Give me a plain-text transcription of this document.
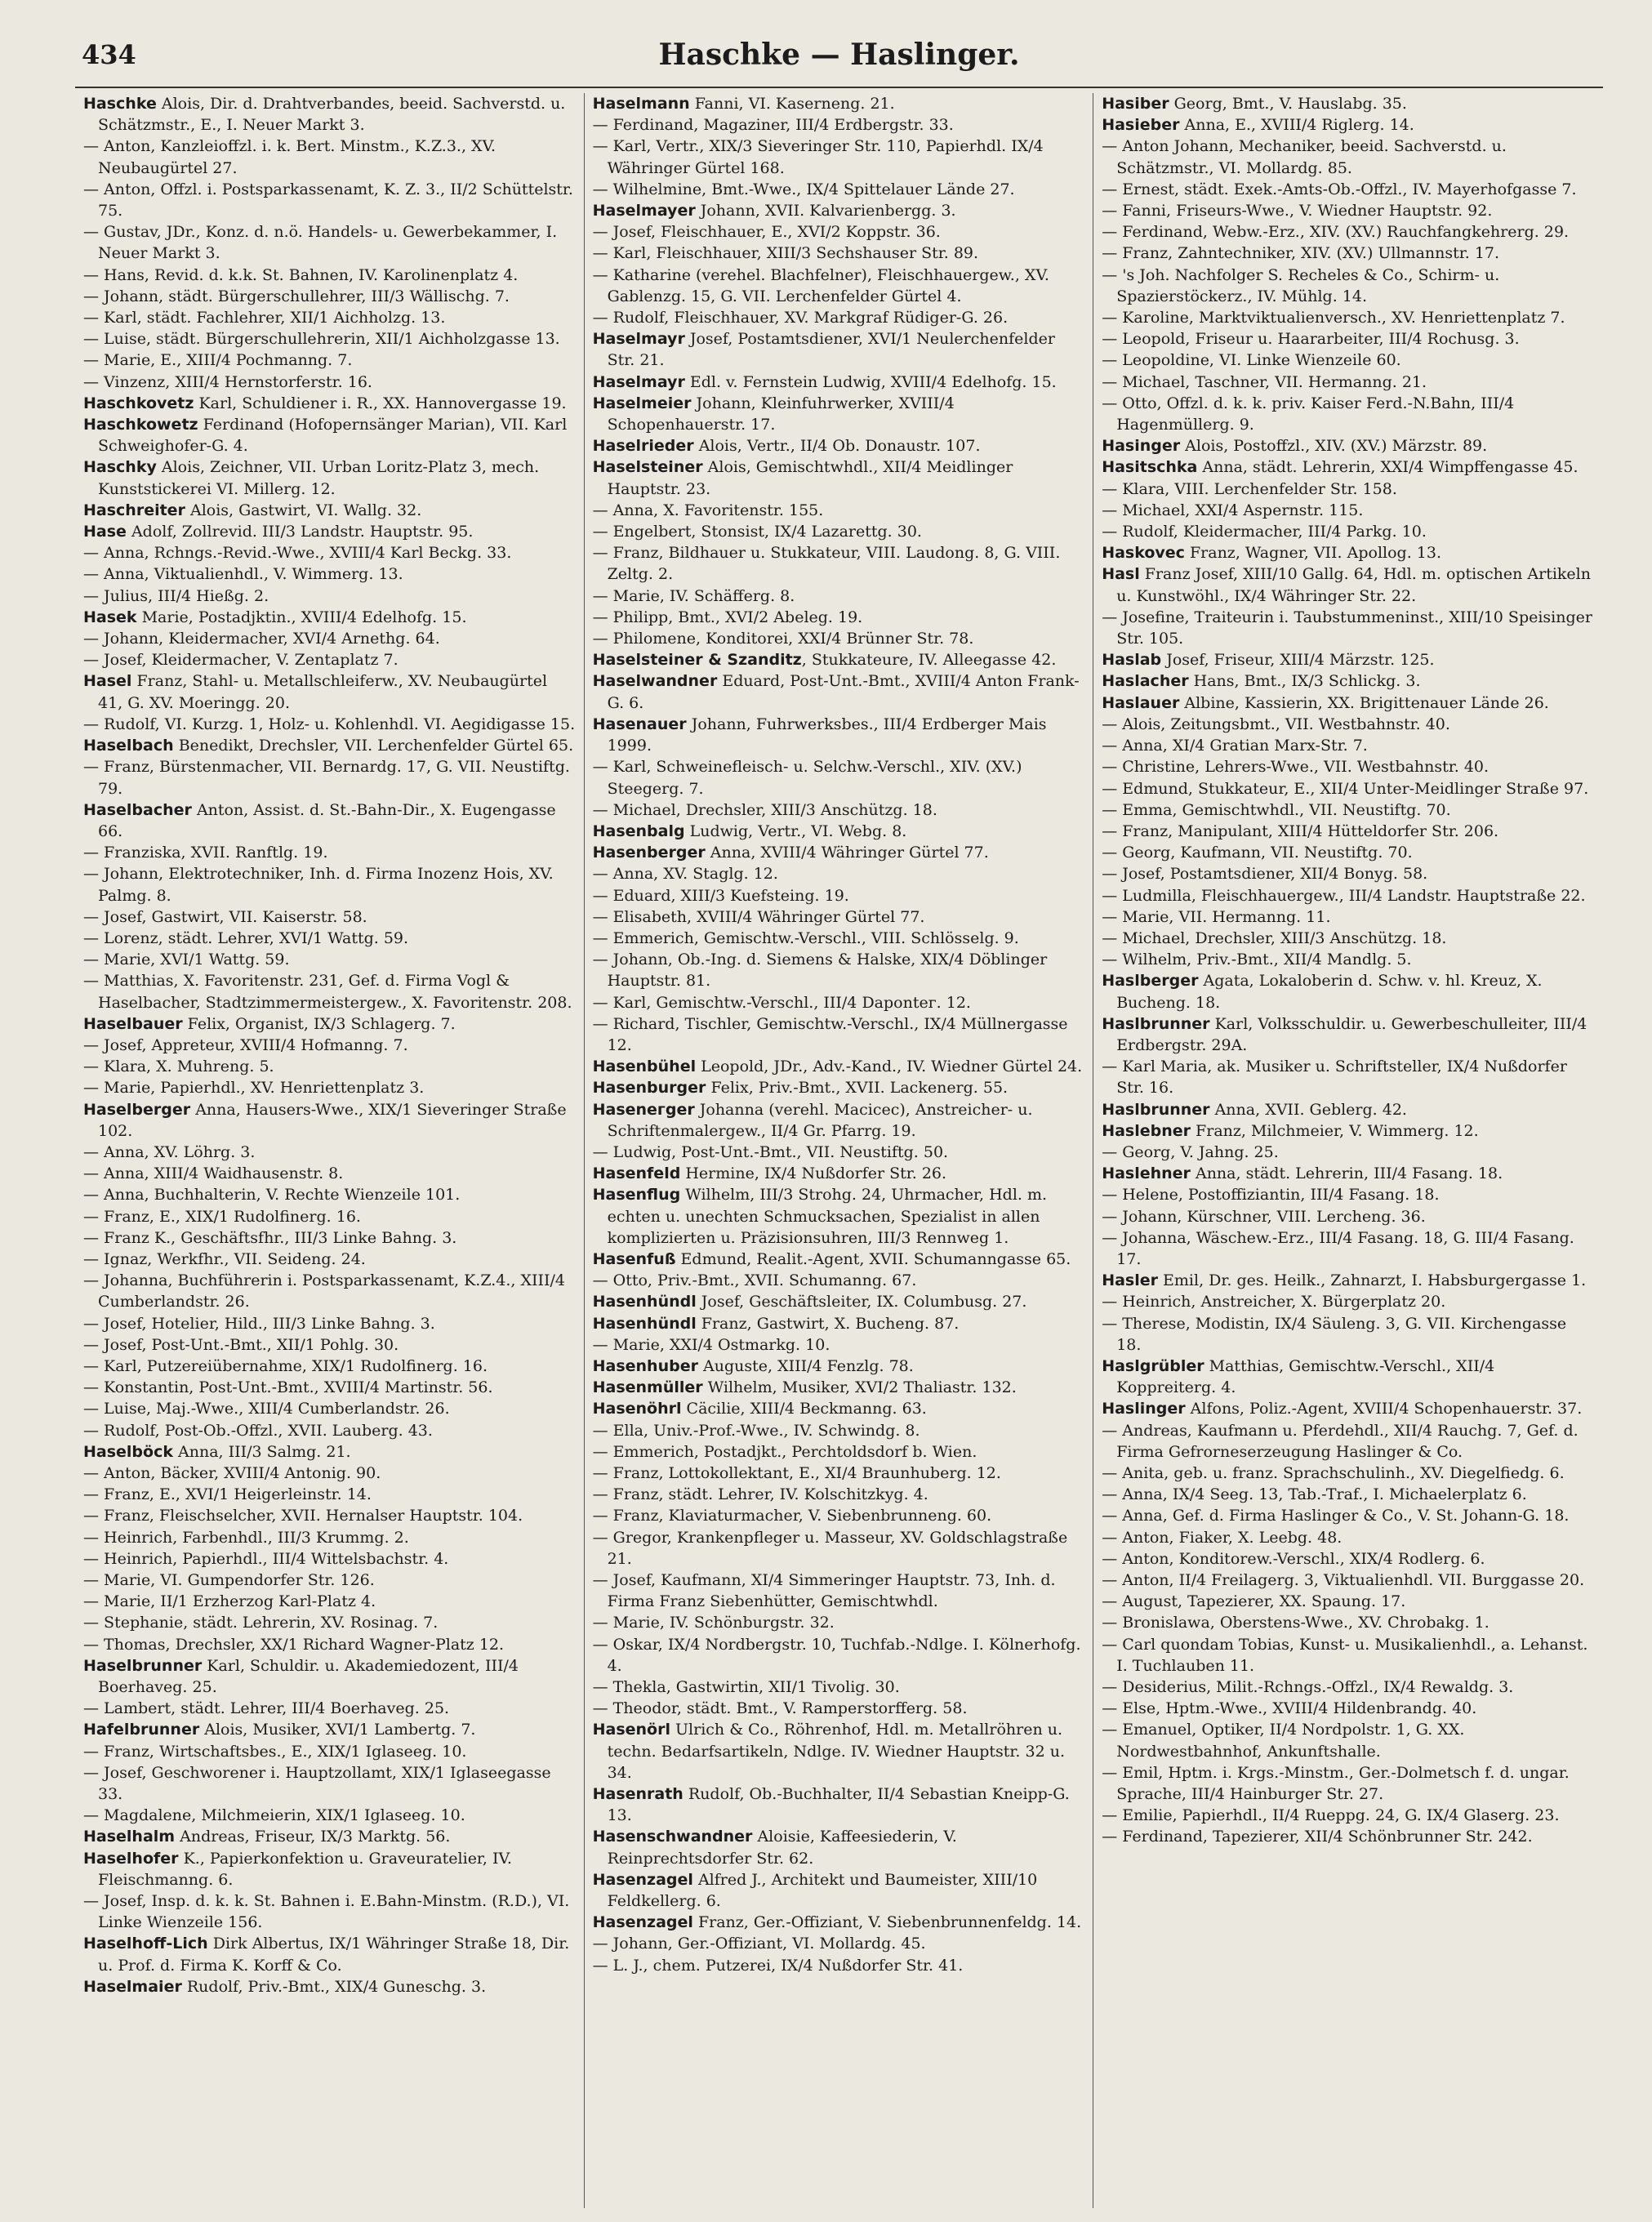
434	Haschke — Haslinger.

Haschke Alois, Dir. d. Drahtverbandes, beeid. Sachverstd. u. Schätzmstr., E., I. Neuer Markt 3.

— Anton, Kanzleioffzl. i. k. Bert. Minstm., K.Z.3., XV. Neubaugürtel 27.

— Anton, Offzl. i. Postsparkassenamt, K. Z. 3., II/2 Schüttelstr. 75.

— Gustav, JDr., Konz. d. n.ö. Handels- u. Gewerbekammer, I. Neuer Markt 3.

— Hans, Revid. d. k.k. St. Bahnen, IV. Karolinenplatz 4.

— Johann, städt. Bürgerschullehrer, III/3 Wällischg. 7.

— Karl, städt. Fachlehrer, XII/1 Aichholzg. 13.

— Luise, städt. Bürgerschullehrerin, XII/1 Aichholzgasse 13.

— Marie, E., XIII/4 Pochmanng. 7.

— Vinzenz, XIII/4 Hernstorferstr. 16.

Haschkovetz Karl, Schuldiener i. R., XX. Hannovergasse 19.

Haschkowetz Ferdinand (Hofopernsänger Marian), VII. Karl Schweighofer-G. 4.

Haschky Alois, Zeichner, VII. Urban Loritz-Platz 3, mech. Kunststickerei VI. Millerg. 12.

Haschreiter Alois, Gastwirt, VI. Wallg. 32.

Hase Adolf, Zollrevid. III/3 Landstr. Hauptstr. 95.

— Anna, Rchngs.-Revid.-Wwe., XVIII/4 Karl Beckg. 33.

— Anna, Viktualienhdl., V. Wimmerg. 13.

— Julius, III/4 Hießg. 2.

Hasek Marie, Postadjktin., XVIII/4 Edelhofg. 15.

— Johann, Kleidermacher, XVI/4 Arnethg. 64.

— Josef, Kleidermacher, V. Zentaplatz 7.

Hasel Franz, Stahl- u. Metallschleiferw., XV. Neubaugürtel 41, G. XV. Moeringg. 20.

— Rudolf, VI. Kurzg. 1, Holz- u. Kohlenhdl. VI. Aegidigasse 15.

Haselbach Benedikt, Drechsler, VII. Lerchenfelder Gürtel 65.

— Franz, Bürstenmacher, VII. Bernardg. 17, G. VII. Neustiftg. 79.

Haselbacher Anton, Assist. d. St.-Bahn-Dir., X. Eugengasse 66.

— Franziska, XVII. Ranftlg. 19.

— Johann, Elektrotechniker, Inh. d. Firma Inozenz Hois, XV. Palmg. 8.

— Josef, Gastwirt, VII. Kaiserstr. 58.

— Lorenz, städt. Lehrer, XVI/1 Wattg. 59.

— Marie, XVI/1 Wattg. 59.

— Matthias, X. Favoritenstr. 231, Gef. d. Firma Vogl & Haselbacher, Stadtzimmermeistergew., X. Favoritenstr. 208.

Haselbauer Felix, Organist, IX/3 Schlagerg. 7.

— Josef, Appreteur, XVIII/4 Hofmanng. 7.

— Klara, X. Muhreng. 5.

— Marie, Papierhdl., XV. Henriettenplatz 3.

Haselberger Anna, Hausers-Wwe., XIX/1 Sieveringer Straße 102.

— Anna, XV. Löhrg. 3.

— Anna, XIII/4 Waidhausenstr. 8.

— Anna, Buchhalterin, V. Rechte Wienzeile 101.

— Franz, E., XIX/1 Rudolfinerg. 16.

— Franz K., Geschäftsfhr., III/3 Linke Bahng. 3.

— Ignaz, Werkfhr., VII. Seideng. 24.

— Johanna, Buchführerin i. Postsparkassenamt, K.Z.4., XIII/4 Cumberlandstr. 26.

— Josef, Hotelier, Hild., III/3 Linke Bahng. 3.

— Josef, Post-Unt.-Bmt., XII/1 Pohlg. 30.

— Karl, Putzereiübernahme, XIX/1 Rudolfinerg. 16.

— Konstantin, Post-Unt.-Bmt., XVIII/4 Martinstr. 56.

— Luise, Maj.-Wwe., XIII/4 Cumberlandstr. 26.

— Rudolf, Post-Ob.-Offzl., XVII. Lauberg. 43.

Haselböck Anna, III/3 Salmg. 21.

— Anton, Bäcker, XVIII/4 Antonig. 90.

— Franz, E., XVI/1 Heigerleinstr. 14.

— Franz, Fleischselcher, XVII. Hernalser Hauptstr. 104.

— Heinrich, Farbenhdl., III/3 Krummg. 2.

— Heinrich, Papierhdl., III/4 Wittelsbachstr. 4.

— Marie, VI. Gumpendorfer Str. 126.

— Marie, II/1 Erzherzog Karl-Platz 4.

— Stephanie, städt. Lehrerin, XV. Rosinag. 7.

— Thomas, Drechsler, XX/1 Richard Wagner-Platz 12.

Haselbrunner Karl, Schuldir. u. Akademiedozent, III/4 Boerhaveg. 25.

— Lambert, städt. Lehrer, III/4 Boerhaveg. 25.

Hafelbrunner Alois, Musiker, XVI/1 Lambertg. 7.

— Franz, Wirtschaftsbes., E., XIX/1 Iglaseeg. 10.

— Josef, Geschworener i. Hauptzollamt, XIX/1 Iglaseegasse 33.

— Magdalene, Milchmeierin, XIX/1 Iglaseeg. 10.

Haselhalm Andreas, Friseur, IX/3 Marktg. 56.

Haselhofer K., Papierkonfektion u. Graveuratelier, IV. Fleischmanng. 6.

— Josef, Insp. d. k. k. St. Bahnen i. E.Bahn-Minstm. (R.D.), VI. Linke Wienzeile 156.

Haselhoff-Lich Dirk Albertus, IX/1 Währinger Straße 18, Dir. u. Prof. d. Firma K. Korff & Co.

Haselmaier Rudolf, Priv.-Bmt., XIX/4 Guneschg. 3.

Haselmann Fanni, VI. Kaserneng. 21.

— Ferdinand, Magaziner, III/4 Erdbergstr. 33.

— Karl, Vertr., XIX/3 Sieveringer Str. 110, Papierhdl. IX/4 Währinger Gürtel 168.

— Wilhelmine, Bmt.-Wwe., IX/4 Spittelauer Lände 27.

Haselmayer Johann, XVII. Kalvarienbergg. 3.

— Josef, Fleischhauer, E., XVI/2 Koppstr. 36.

— Karl, Fleischhauer, XIII/3 Sechshauser Str. 89.

— Katharine (verehel. Blachfelner), Fleischhauergew., XV. Gablenzg. 15, G. VII. Lerchenfelder Gürtel 4.

— Rudolf, Fleischhauer, XV. Markgraf Rüdiger-G. 26.

Haselmayr Josef, Postamtsdiener, XVI/1 Neulerchenfelder Str. 21.

Haselmayr Edl. v. Fernstein Ludwig, XVIII/4 Edelhofg. 15.

Haselmeier Johann, Kleinfuhrwerker, XVIII/4 Schopenhauerstr. 17.

Haselrieder Alois, Vertr., II/4 Ob. Donaustr. 107.

Haselsteiner Alois, Gemischtwhdl., XII/4 Meidlinger Hauptstr. 23.

— Anna, X. Favoritenstr. 155.

— Engelbert, Stonsist, IX/4 Lazarettg. 30.

— Franz, Bildhauer u. Stukkateur, VIII. Laudong. 8, G. VIII. Zeltg. 2.

— Marie, IV. Schäfferg. 8.

— Philipp, Bmt., XVI/2 Abeleg. 19.

— Philomene, Konditorei, XXI/4 Brünner Str. 78.

Haselsteiner & Szanditz, Stukkateure, IV. Alleegasse 42.

Haselwandner Eduard, Post-Unt.-Bmt., XVIII/4 Anton Frank-G. 6.

Hasenauer Johann, Fuhrwerksbes., III/4 Erdberger Mais 1999.

— Karl, Schweinefleisch- u. Selchw.-Verschl., XIV. (XV.) Steegerg. 7.

— Michael, Drechsler, XIII/3 Anschützg. 18.

Hasenbalg Ludwig, Vertr., VI. Webg. 8.

Hasenberger Anna, XVIII/4 Währinger Gürtel 77.

— Anna, XV. Staglg. 12.

— Eduard, XIII/3 Kuefsteing. 19.

— Elisabeth, XVIII/4 Währinger Gürtel 77.

— Emmerich, Gemischtw.-Verschl., VIII. Schlösselg. 9.

— Johann, Ob.-Ing. d. Siemens & Halske, XIX/4 Döblinger Hauptstr. 81.

— Karl, Gemischtw.-Verschl., III/4 Dapontег. 12.

— Richard, Tischler, Gemischtw.-Verschl., IX/4 Müllnergasse 12.

Hasenbühel Leopold, JDr., Adv.-Kand., IV. Wiedner Gürtel 24.

Hasenburger Felix, Priv.-Bmt., XVII. Lackenerg. 55.

Haseneгger Johanna (verehl. Macicec), Anstreicher- u. Schriftenmalergew., II/4 Gr. Pfarrg. 19.

— Ludwig, Post-Unt.-Bmt., VII. Neustiftg. 50.

Hasenfeld Hermine, IX/4 Nußdorfer Str. 26.

Hasenflug Wilhelm, III/3 Strohg. 24, Uhrmacher, Hdl. m. echten u. unechten Schmucksachen, Spezialist in allen komplizierten u. Präzisionsuhren, III/3 Rennweg 1.

Hasenfuß Edmund, Realit.-Agent, XVII. Schumanngasse 65.

— Otto, Priv.-Bmt., XVII. Schumanng. 67.

Hasenhündl Josef, Geschäftsleiter, IX. Columbusg. 27.

Hasenhündl Franz, Gastwirt, X. Bucheng. 87.

— Marie, XXI/4 Ostmarkg. 10.

Hasenhuber Auguste, XIII/4 Fenzlg. 78.

Hasenmüller Wilhelm, Musiker, XVI/2 Thaliastr. 132.

Hasenöhrl Cäcilie, XIII/4 Beckmanng. 63.

— Ella, Univ.-Prof.-Wwe., IV. Schwindg. 8.

— Emmerich, Postadjkt., Perchtoldsdorf b. Wien.

— Franz, Lottokollektant, E., XI/4 Braunhuberg. 12.

— Franz, städt. Lehrer, IV. Kolschitzkyg. 4.

— Franz, Klaviaturmacher, V. Siebenbrunneng. 60.

— Gregor, Krankenpfleger u. Masseur, XV. Goldschlagstraße 21.

— Josef, Kaufmann, XI/4 Simmeringer Hauptstr. 73, Inh. d. Firma Franz Siebenhütter, Gemischtwhdl.

— Marie, IV. Schönburgstr. 32.

— Oskar, IX/4 Nordbergstr. 10, Tuchfab.-Ndlge. I. Kölnerhofg. 4.

— Thekla, Gastwirtin, XII/1 Tivolig. 30.

— Theodor, städt. Bmt., V. Ramperstorfferg. 58.

Hasenörl Ulrich & Co., Röhrenhof, Hdl. m. Metallröhren u. techn. Bedarfsartikeln, Ndlge. IV. Wiedner Hauptstr. 32 u. 34.

Hasenrath Rudolf, Ob.-Buchhalter, II/4 Sebastian Kneipp-G. 13.

Hasenschwandner Aloisie, Kaffeesiederin, V. Reinprechtsdorfer Str. 62.

Hasenzagel Alfred J., Architekt und Baumeister, XIII/10 Feldkellerg. 6.

Hasenzagel Franz, Ger.-Offiziant, V. Siebenbrunnenfeldg. 14.

— Johann, Ger.-Offiziant, VI. Mollardg. 45.

— L. J., chem. Putzerei, IX/4 Nußdorfer Str. 41.

Hasiber Georg, Bmt., V. Hauslabg. 35.

Hasieber Anna, E., XVIII/4 Riglerg. 14.

— Anton Johann, Mechaniker, beeid. Sachverstd. u. Schätzmstr., VI. Mollardg. 85.

— Ernest, städt. Exek.-Amts-Ob.-Offzl., IV. Mayerhofgasse 7.

— Fanni, Friseurs-Wwe., V. Wiedner Hauptstr. 92.

— Ferdinand, Webw.-Erz., XIV. (XV.) Rauchfangkehrerg. 29.

— Franz, Zahntechniker, XIV. (XV.) Ullmannstr. 17.

— 's Joh. Nachfolger S. Recheles & Co., Schirm- u. Spazierstöckerz., IV. Mühlg. 14.

— Karoline, Marktviktualienversch., XV. Henriettenplatz 7.

— Leopold, Friseur u. Haararbeiter, III/4 Rochusg. 3.

— Leopoldine, VI. Linke Wienzeile 60.

— Michael, Taschner, VII. Hermanng. 21.

— Otto, Offzl. d. k. k. priv. Kaiser Ferd.-N.Bahn, III/4 Hagenmüllerg. 9.

Hasinger Alois, Postoffzl., XIV. (XV.) Märzstr. 89.

Hasitschka Anna, städt. Lehrerin, XXI/4 Wimpffengasse 45.

— Klara, VIII. Lerchenfelder Str. 158.

— Michael, XXI/4 Aspernstr. 115.

— Rudolf, Kleidermacher, III/4 Parkg. 10.

Haskovec Franz, Wagner, VII. Apollog. 13.

Hasl Franz Josef, XIII/10 Gallg. 64, Hdl. m. optischen Artikeln u. Kunstwöhl., IX/4 Währinger Str. 22.

— Josefine, Traiteurin i. Taubstummeninst., XIII/10 Speisinger Str. 105.

Haslab Josef, Friseur, XIII/4 Märzstr. 125.

Haslacher Hans, Bmt., IX/3 Schlickg. 3.

Haslauer Albine, Kassierin, XX. Brigittenauer Lände 26.

— Alois, Zeitungsbmt., VII. Westbahnstr. 40.

— Anna, XI/4 Gratian Marx-Str. 7.

— Christine, Lehrers-Wwe., VII. Westbahnstr. 40.

— Edmund, Stukkateur, E., XII/4 Unter-Meidlinger Straße 97.

— Emma, Gemischtwhdl., VII. Neustiftg. 70.

— Franz, Manipulant, XIII/4 Hütteldorfer Str. 206.

— Georg, Kaufmann, VII. Neustiftg. 70.

— Josef, Postamtsdiener, XII/4 Bonyg. 58.

— Ludmilla, Fleischhauergew., III/4 Landstr. Hauptstraße 22.

— Marie, VII. Hermanng. 11.

— Michael, Drechsler, XIII/3 Anschützg. 18.

— Wilhelm, Priv.-Bmt., XII/4 Mandlg. 5.

Haslberger Agata, Lokaloberin d. Schw. v. hl. Kreuz, X. Bucheng. 18.

Haslbrunner Karl, Volksschuldir. u. Gewerbeschulleiter, III/4 Erdbergstr. 29A.

— Karl Maria, ak. Musiker u. Schriftsteller, IX/4 Nußdorfer Str. 16.

Haslbrunner Anna, XVII. Geblerg. 42.

Haslebner Franz, Milchmeier, V. Wimmerg. 12.

— Georg, V. Jahng. 25.

Haslehner Anna, städt. Lehrerin, III/4 Fasang. 18.

— Helene, Postoffiziantin, III/4 Fasang. 18.

— Johann, Kürschner, VIII. Lercheng. 36.

— Johanna, Wäschew.-Erz., III/4 Fasang. 18, G. III/4 Fasang. 17.

Hasler Emil, Dr. ges. Heilk., Zahnarzt, I. Habsburgergasse 1.

— Heinrich, Anstreicher, X. Bürgerplatz 20.

— Therese, Modistin, IX/4 Säuleng. 3, G. VII. Kirchengasse 18.

Haslgrübler Matthias, Gemischtw.-Verschl., XII/4 Koppreiterg. 4.

Haslinger Alfons, Poliz.-Agent, XVIII/4 Schopenhauerstr. 37.

— Andreas, Kaufmann u. Pferdehdl., XII/4 Rauchg. 7, Gef. d. Firma Gefrorneserzeugung Haslinger & Co.

— Anita, geb. u. franz. Sprachschulinh., XV. Diegelfiedg. 6.

— Anna, IX/4 Seeg. 13, Tab.-Traf., I. Michaelerplatz 6.

— Anna, Gef. d. Firma Haslinger & Co., V. St. Johann-G. 18.

— Anton, Fiaker, X. Leebg. 48.

— Anton, Konditorew.-Verschl., XIX/4 Rodlerg. 6.

— Anton, II/4 Freilagerg. 3, Viktualienhdl. VII. Burggasse 20.

— August, Tapezierer, XX. Spaung. 17.

— Bronislawa, Oberstens-Wwe., XV. Chrobakg. 1.

— Carl quondam Tobias, Kunst- u. Musikalienhdl., a. Lehanst. I. Tuchlauben 11.

— Desiderius, Milit.-Rchngs.-Offzl., IX/4 Rewaldg. 3.

— Else, Hptm.-Wwe., XVIII/4 Hildenbrandg. 40.

— Emanuel, Optiker, II/4 Nordpolstr. 1, G. XX. Nordwestbahnhof, Ankunftshalle.

— Emil, Hptm. i. Krgs.-Minstm., Ger.-Dolmetsch f. d. ungar. Sprache, III/4 Hainburger Str. 27.

— Emilie, Papierhdl., II/4 Rueppg. 24, G. IX/4 Glaserg. 23.

— Ferdinand, Tapezierer, XII/4 Schönbrunner Str. 242.
